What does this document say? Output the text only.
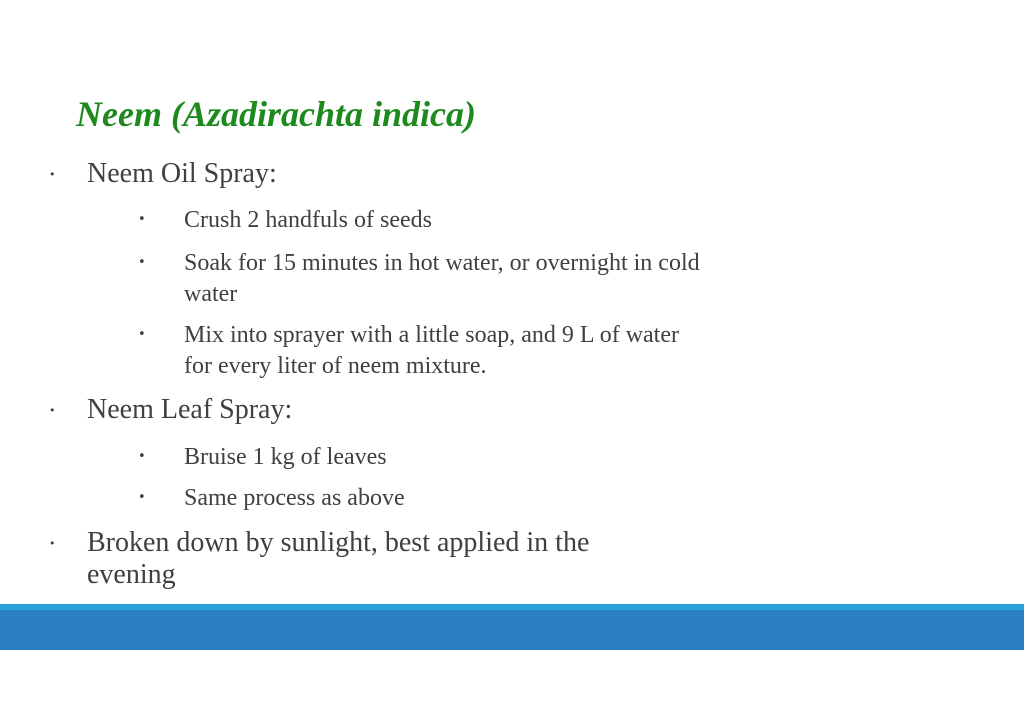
Neem (Azadirachta indica)
• Neem Oil Spray:
• Crush 2 handfuls of seeds
• Soak for 15 minutes in hot water, or overnight in cold water
• Mix into sprayer with a little soap, and 9 L of water for every liter of neem mixture.
• Neem Leaf Spray:
• Bruise 1 kg of leaves
• Same process as above
• Broken down by sunlight, best applied in the evening
